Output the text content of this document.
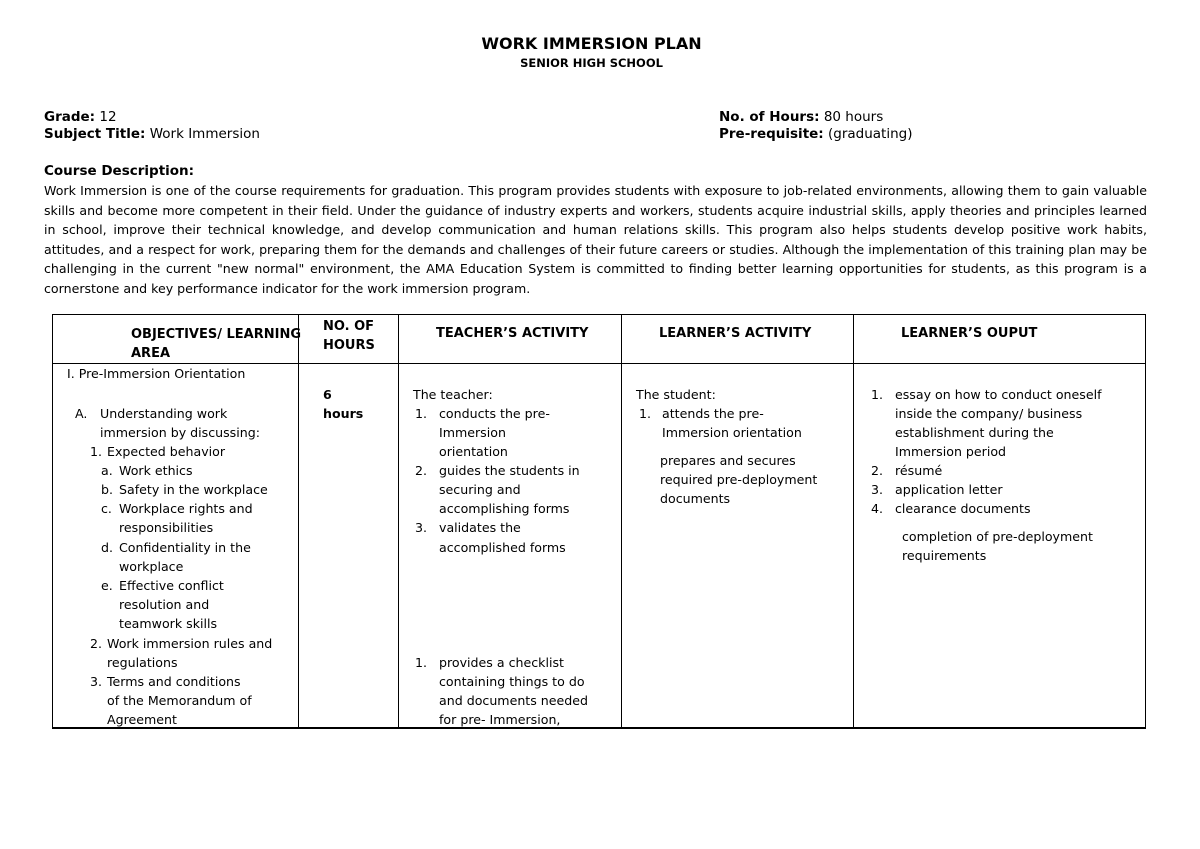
WORK IMMERSION PLAN
SENIOR HIGH SCHOOL
Grade: 12
Subject Title: Work Immersion
No. of Hours: 80 hours
Pre-requisite: (graduating)
Course Description:
Work Immersion is one of the course requirements for graduation. This program provides students with exposure to job-related environments, allowing them to gain valuable skills and become more competent in their field. Under the guidance of industry experts and workers, students acquire industrial skills, apply theories and principles learned in school, improve their technical knowledge, and develop communication and human relations skills. This program also helps students develop positive work habits, attitudes, and a respect for work, preparing them for the demands and challenges of their future careers or studies. Although the implementation of this training plan may be challenging in the current "new normal" environment, the AMA Education System is committed to finding better learning opportunities for students, as this program is a cornerstone and key performance indicator for the work immersion program.
OBJECTIVES/ LEARNING
AREA
NO. OF
HOURS
TEACHER’S ACTIVITY	LEARNER’S ACTIVITY	LEARNER’S OUPUT
I. Pre-Immersion Orientation
A. Understanding work
immersion by discussing:
1. Expected behavior
a. Work ethics
b. Safety in the workplace
c. Workplace rights and
responsibilities
d. Confidentiality in the
workplace
e. Effective conflict
resolution and
teamwork skills
2. Work immersion rules and
regulations
3. Terms and conditions
of the Memorandum of
Agreement
6
hours
The teacher:
1. conducts the pre-
Immersion
orientation
2. guides the students in
securing and
accomplishing forms
3. validates the
accomplished forms
1. provides a checklist
containing things to do
and documents needed
for pre- Immersion,
The student:
1. attends the pre-
Immersion orientation
prepares and secures
required pre-deployment
documents
1. essay on how to conduct oneself
inside the company/ business
establishment during the
Immersion period
2. résumé
3. application letter
4. clearance documents
completion of pre-deployment
requirements
